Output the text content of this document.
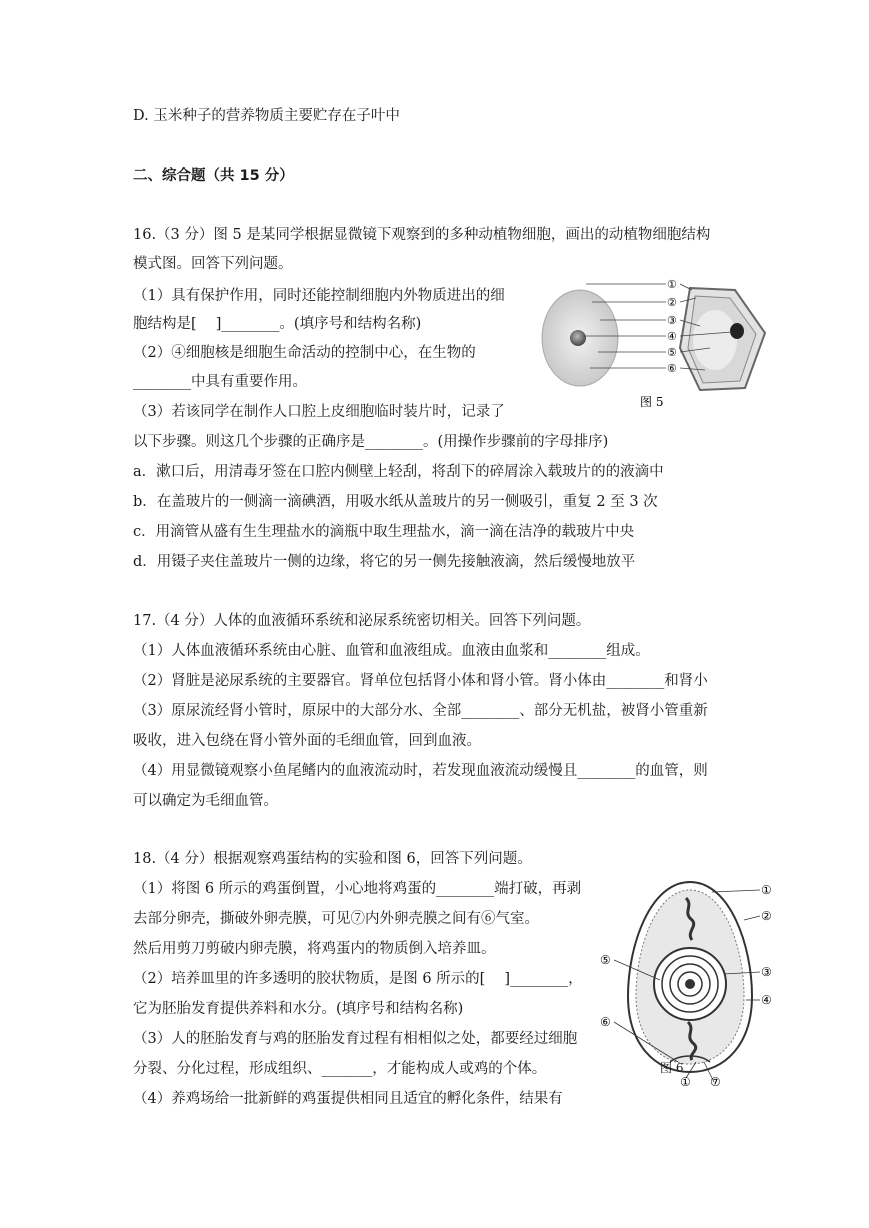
D. 玉米种子的营养物质主要贮存在子叶中
二、综合题（共 15 分）
16.（3 分）图 5 是某同学根据显微镜下观察到的多种动植物细胞，画出的动植物细胞结构
模式图。回答下列问题。
（1）具有保护作用，同时还能控制细胞内外物质进出的细
胞结构是[　 ]________。(填序号和结构名称)
（2）④细胞核是细胞生命活动的控制中心，在生物的
________中具有重要作用。
（3）若该同学在制作人口腔上皮细胞临时装片时，记录了
以下步骤。则这几个步骤的正确序是________。(用操作步骤前的字母排序)
a．漱口后，用清毒牙签在口腔内侧壁上轻刮，将刮下的碎屑涂入载玻片的的液滴中
b．在盖玻片的一侧滴一滴碘酒，用吸水纸从盖玻片的另一侧吸引，重复 2 至 3 次
c．用滴管从盛有生生理盐水的滴瓶中取生理盐水，滴一滴在洁净的载玻片中央
d．用镊子夹住盖玻片一侧的边缘，将它的另一侧先接触液滴，然后缓慢地放平
①
②
③
④
⑤
⑥
图 5
17.（4 分）人体的血液循环系统和泌尿系统密切相关。回答下列问题。
（1）人体血液循环系统由心脏、血管和血液组成。血液由血浆和________组成。
（2）肾脏是泌尿系统的主要器官。肾单位包括肾小体和肾小管。肾小体由________和肾小
（3）原尿流经肾小管时，原尿中的大部分水、全部________、部分无机盐，被肾小管重新
吸收，进入包绕在肾小管外面的毛细血管，回到血液。
（4）用显微镜观察小鱼尾鳍内的血液流动时，若发现血液流动缓慢且________的血管，则
可以确定为毛细血管。
18.（4 分）根据观察鸡蛋结构的实验和图 6，回答下列问题。
（1）将图 6 所示的鸡蛋倒置，小心地将鸡蛋的________端打破，再剥
去部分卵壳，撕破外卵壳膜，可见⑦内外卵壳膜之间有⑥气室。
然后用剪刀剪破内卵壳膜，将鸡蛋内的物质倒入培养皿。
（2）培养皿里的许多透明的胶状物质，是图 6 所示的[　 ]________，
它为胚胎发育提供养料和水分。(填序号和结构名称)
（3）人的胚胎发育与鸡的胚胎发育过程有相相似之处，都要经过细胞
分裂、分化过程，形成组织、_______，才能构成人或鸡的个体。
（4）养鸡场给一批新鲜的鸡蛋提供相同且适宜的孵化条件，结果有
①
②
③
④
⑤
⑥
① ⑦
图 6
